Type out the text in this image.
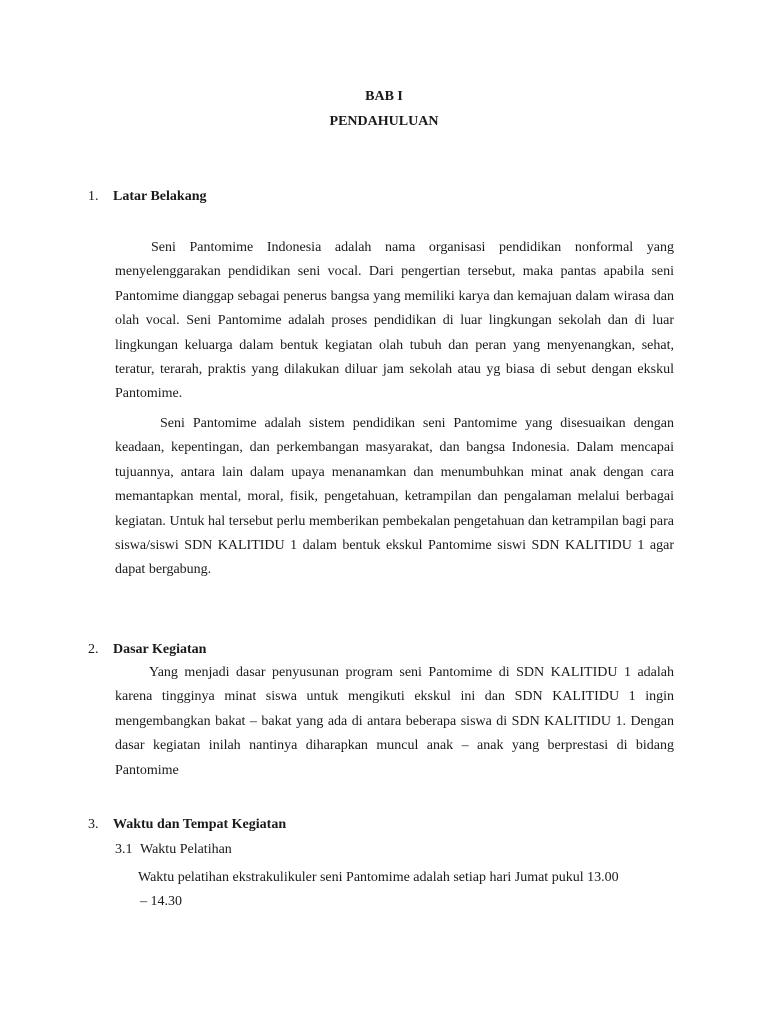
BAB I
PENDAHULUAN
1. Latar Belakang

Seni Pantomime Indonesia adalah nama organisasi pendidikan nonformal yang menyelenggarakan pendidikan seni vocal. Dari pengertian tersebut, maka pantas apabila seni Pantomime dianggap sebagai penerus bangsa yang memiliki karya dan kemajuan dalam wirasa dan olah vocal. Seni Pantomime adalah proses pendidikan di luar lingkungan sekolah dan di luar lingkungan keluarga dalam bentuk kegiatan olah tubuh dan peran yang menyenangkan, sehat, teratur, terarah, praktis yang dilakukan diluar jam sekolah atau yg biasa di sebut dengan ekskul Pantomime.

Seni Pantomime adalah sistem pendidikan seni Pantomime yang disesuaikan dengan keadaan, kepentingan, dan perkembangan masyarakat, dan bangsa Indonesia. Dalam mencapai tujuannya, antara lain dalam upaya menanamkan dan menumbuhkan minat anak dengan cara memantapkan mental, moral, fisik, pengetahuan, ketrampilan dan pengalaman melalui berbagai kegiatan. Untuk hal tersebut perlu memberikan pembekalan pengetahuan dan ketrampilan bagi para siswa/siswi SDN KALITIDU 1 dalam bentuk ekskul Pantomime siswi SDN KALITIDU 1 agar dapat bergabung.

2. Dasar Kegiatan

Yang menjadi dasar penyusunan program seni Pantomime di SDN KALITIDU 1 adalah karena tingginya minat siswa untuk mengikuti ekskul ini dan SDN KALITIDU 1 ingin mengembangkan bakat – bakat yang ada di antara beberapa siswa di SDN KALITIDU 1. Dengan dasar kegiatan inilah nantinya diharapkan muncul anak – anak yang berprestasi di bidang Pantomime

3. Waktu dan Tempat Kegiatan
3.1 Waktu Pelatihan

Waktu pelatihan ekstrakulikuler seni Pantomime adalah setiap hari Jumat pukul 13.00
– 14.30
